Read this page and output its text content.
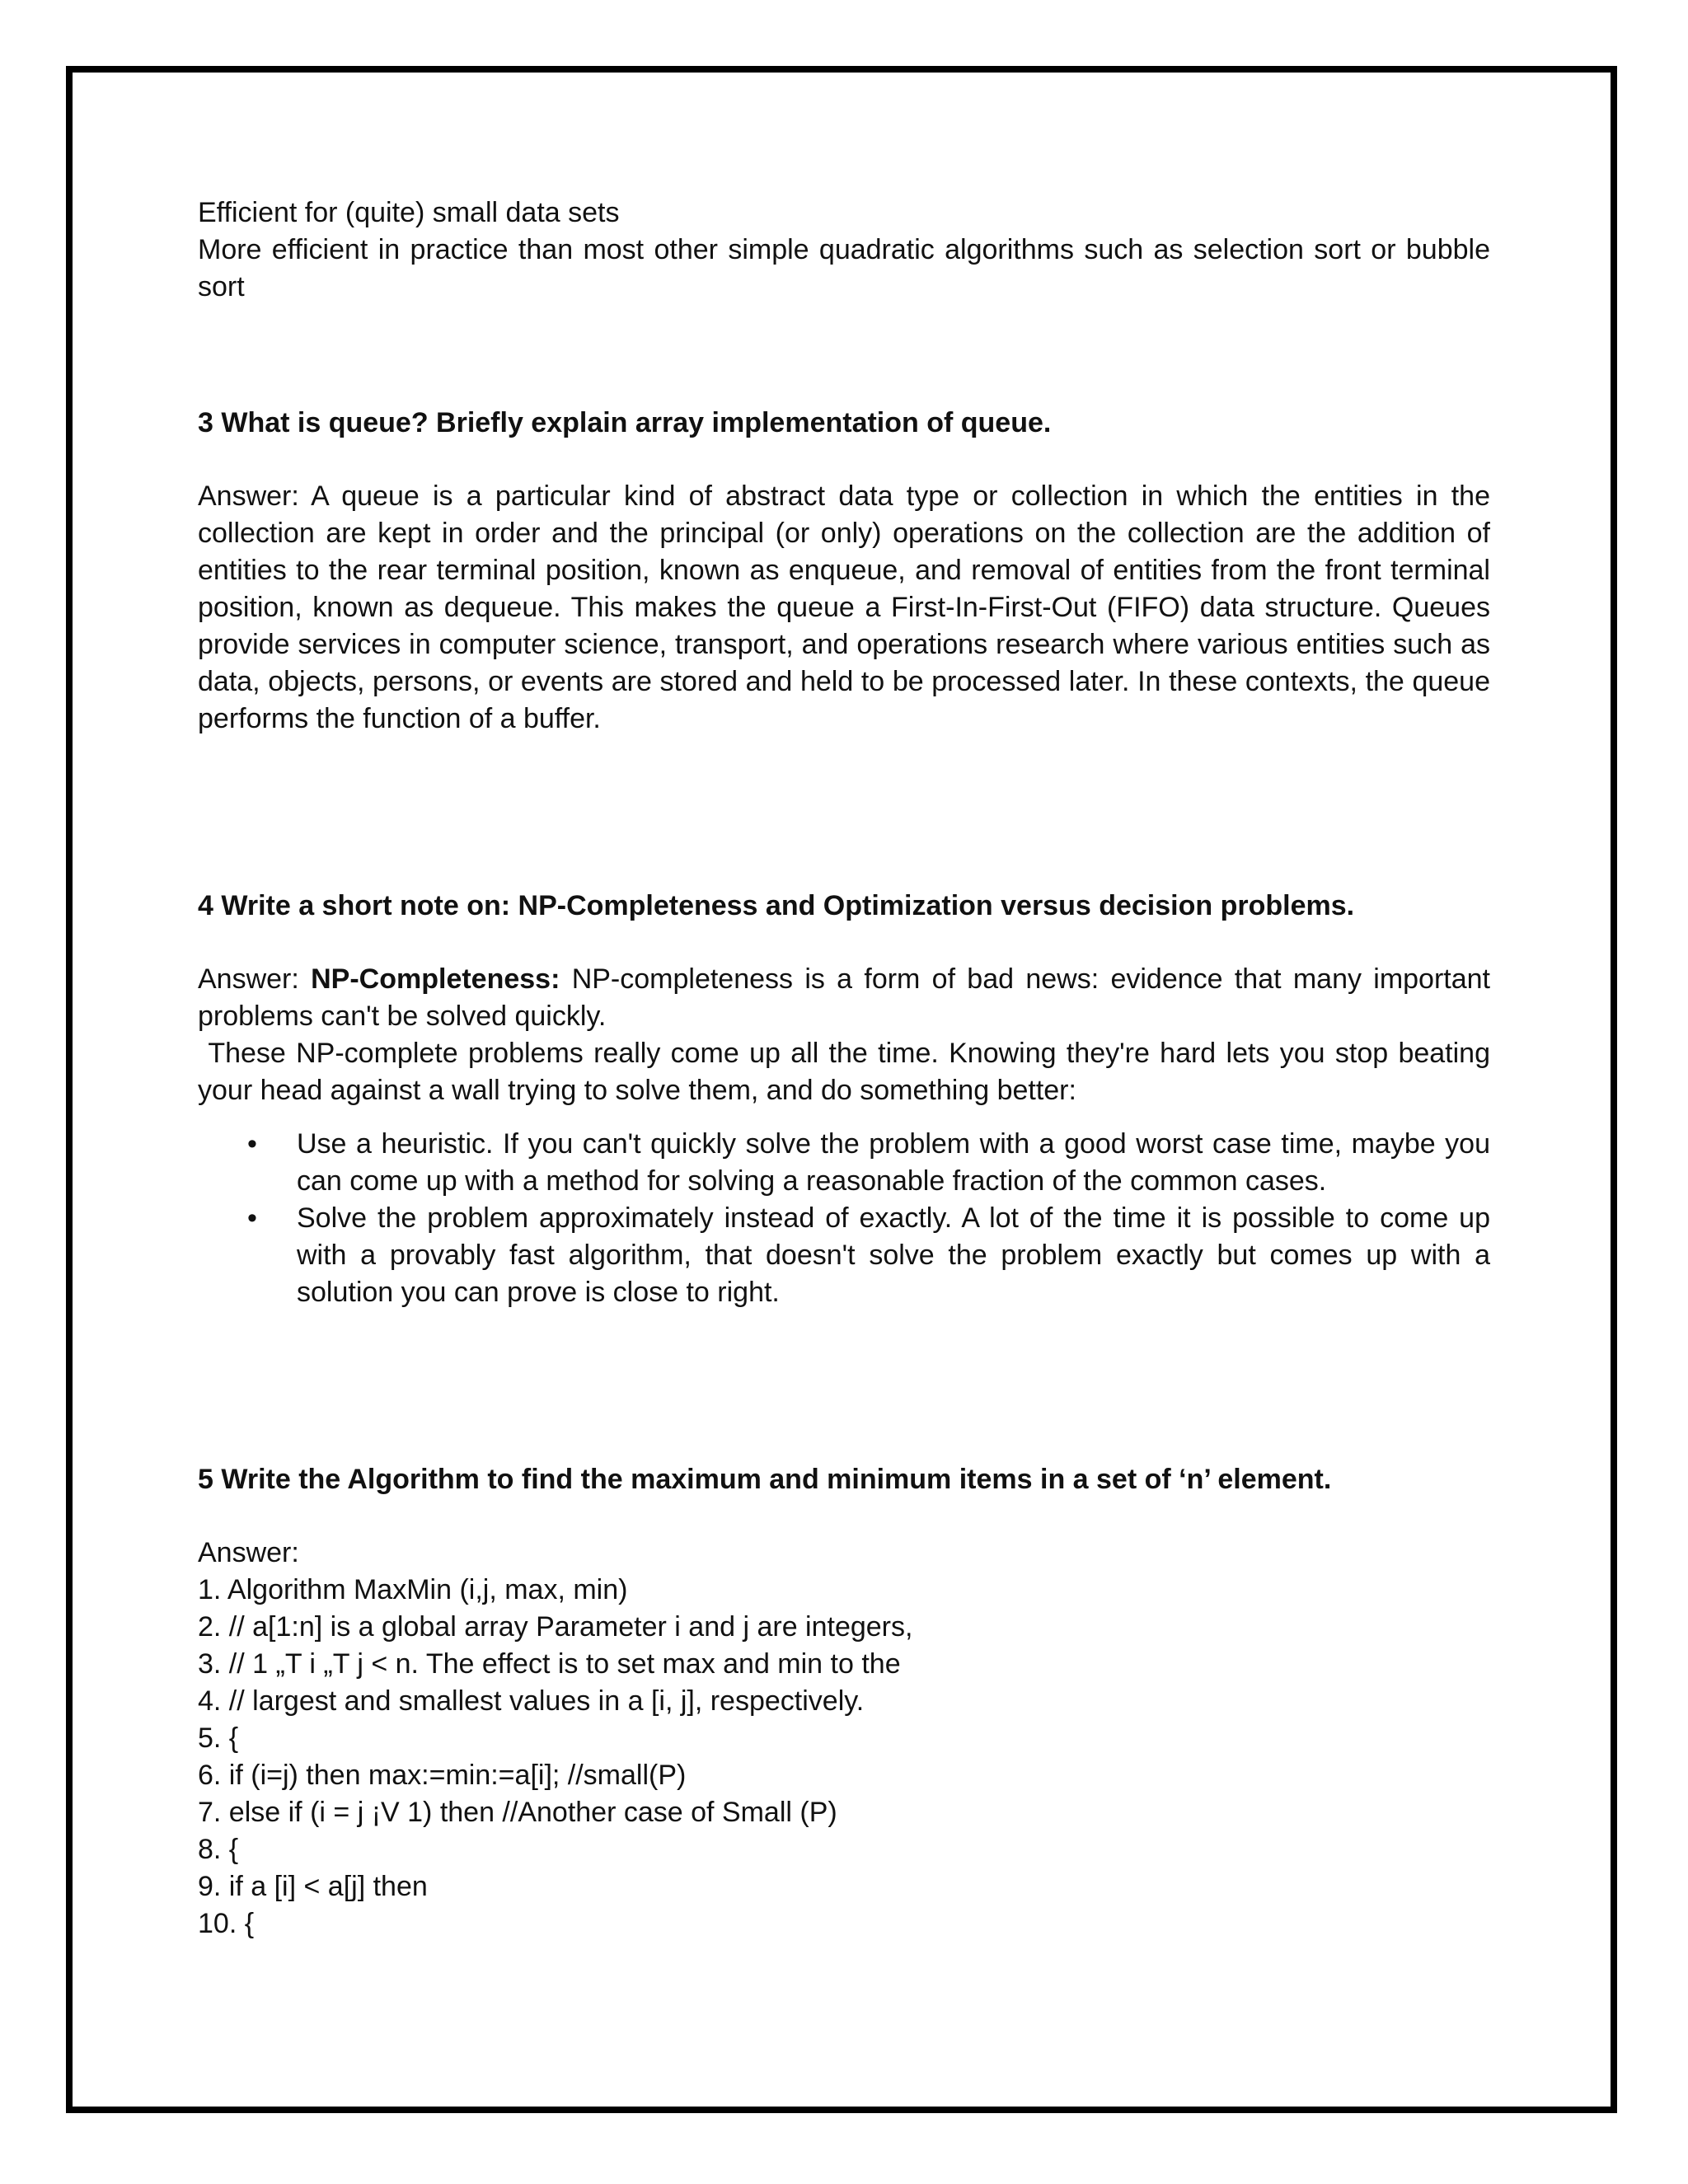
Efficient for (quite) small data sets

More efficient in practice than most other simple quadratic algorithms such as selection sort or bubble sort

3 What is queue? Briefly explain array implementation of queue.

Answer: A queue is a particular kind of abstract data type or collection in which the entities in the collection are kept in order and the principal (or only) operations on the collection are the addition of entities to the rear terminal position, known as enqueue, and removal of entities from the front terminal position, known as dequeue. This makes the queue a First-In-First-Out (FIFO) data structure. Queues provide services in computer science, transport, and operations research where various entities such as data, objects, persons, or events are stored and held to be processed later. In these contexts, the queue performs the function of a buffer.

4 Write a short note on: NP-Completeness and Optimization versus decision problems.

Answer: NP-Completeness: NP-completeness is a form of bad news: evidence that many important problems can't be solved quickly.

These NP-complete problems really come up all the time. Knowing they're hard lets you stop beating your head against a wall trying to solve them, and do something better:

• Use a heuristic. If you can't quickly solve the problem with a good worst case time, maybe you can come up with a method for solving a reasonable fraction of the common cases.
• Solve the problem approximately instead of exactly. A lot of the time it is possible to come up with a provably fast algorithm, that doesn't solve the problem exactly but comes up with a solution you can prove is close to right.

5 Write the Algorithm to find the maximum and minimum items in a set of ‘n’ element.

Answer:

1. Algorithm MaxMin (i,j, max, min)

2. // a[1:n] is a global array Parameter i and j are integers,

3. // 1 „T i „T j < n. The effect is to set max and min to the

4. // largest and smallest values in a [i, j], respectively.

5. {

6. if (i=j) then max:=min:=a[i]; //small(P)

7. else if (i = j ¡V 1) then //Another case of Small (P)

8. {

9. if a [i] < a[j] then

10. {
